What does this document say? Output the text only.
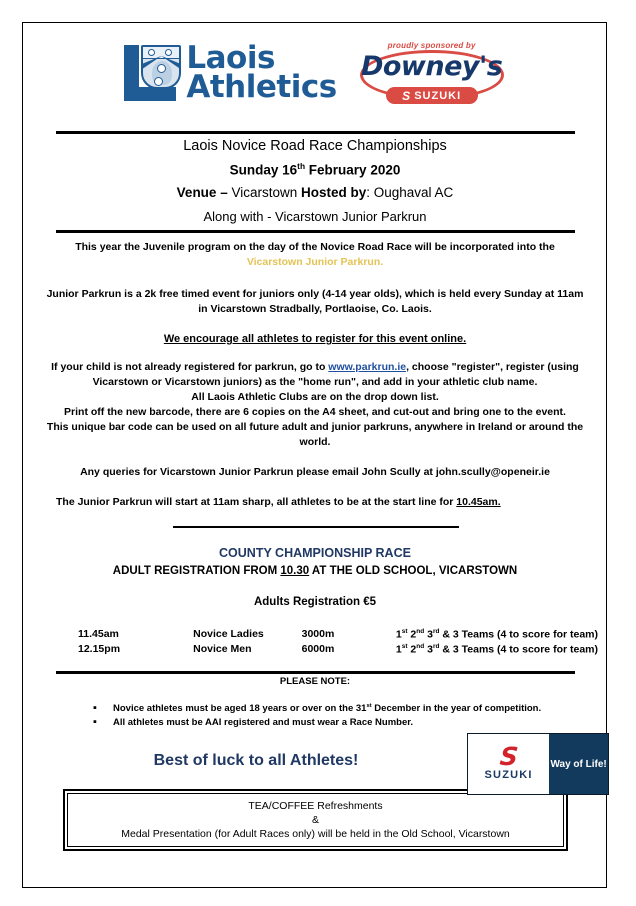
Laois
Athletics
proudly sponsored by
Downey's
S SUZUKI
Laois Novice Road Race Championships
Sunday 16th February 2020
Venue – Vicarstown Hosted by: Oughaval AC
Along with - Vicarstown Junior Parkrun
This year the Juvenile program on the day of the Novice Road Race will be incorporated into the
Vicarstown Junior Parkrun.
Junior Parkrun is a 2k free timed event for juniors only (4-14 year olds), which is held every Sunday at 11am
in Vicarstown Stradbally, Portlaoise, Co. Laois.
We encourage all athletes to register for this event online.
If your child is not already registered for parkrun, go to www.parkrun.ie, choose "register", register (using
Vicarstown or Vicarstown juniors) as the "home run", and add in your athletic club name.
All Laois Athletic Clubs are on the drop down list.
Print off the new barcode, there are 6 copies on the A4 sheet, and cut-out and bring one to the event.
This unique bar code can be used on all future adult and junior parkruns, anywhere in Ireland or around the
world.
Any queries for Vicarstown Junior Parkrun please email John Scully at john.scully@openeir.ie
The Junior Parkrun will start at 11am sharp, all athletes to be at the start line for 10.45am.
COUNTY CHAMPIONSHIP RACE
ADULT REGISTRATION FROM 10.30 AT THE OLD SCHOOL, VICARSTOWN
Adults Registration €5
11.45am	Novice Ladies	3000m	1st 2nd 3rd & 3 Teams (4 to score for team)
12.15pm	Novice Men	6000m	1st 2nd 3rd & 3 Teams (4 to score for team)
PLEASE NOTE:
▪ Novice athletes must be aged 18 years or over on the 31st December in the year of competition.
▪ All athletes must be AAI registered and must wear a Race Number.
Best of luck to all Athletes!	S
SUZUKI
Way of Life!
TEA/COFFEE Refreshments
&
Medal Presentation (for Adult Races only) will be held in the Old School, Vicarstown
